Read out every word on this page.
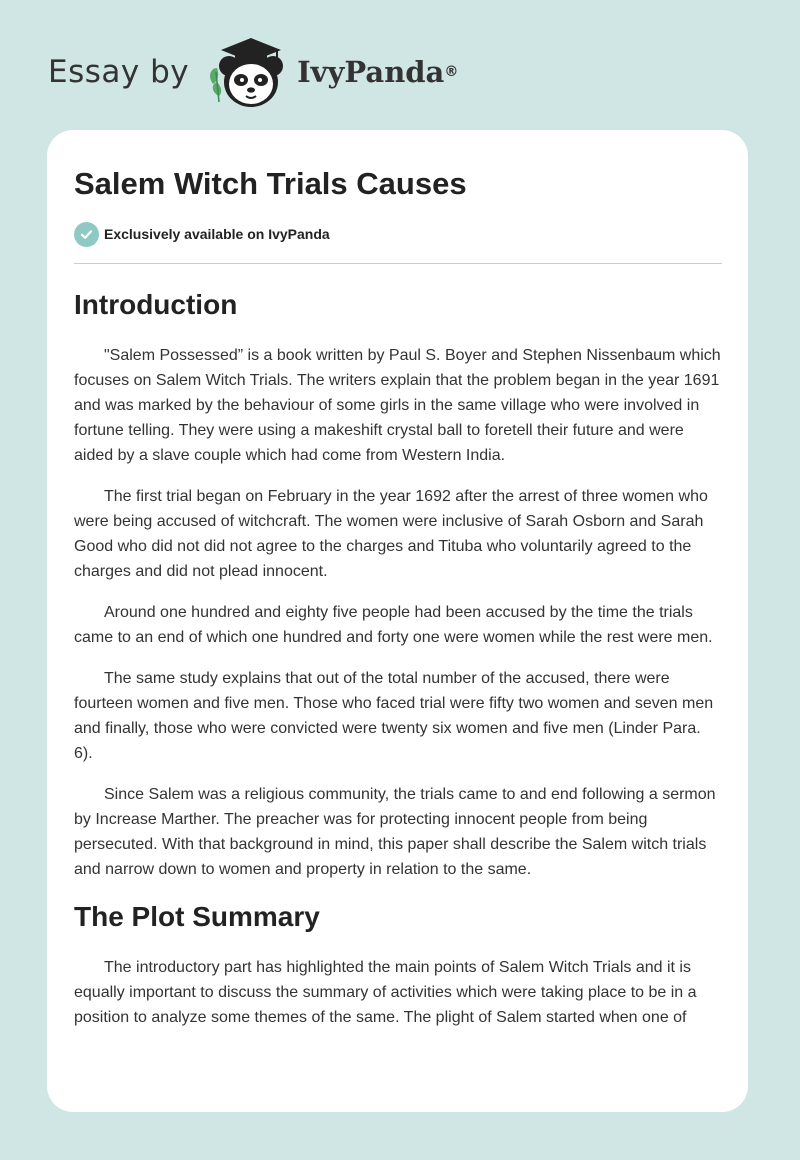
Essay by	IvyPanda ®
Salem Witch Trials Causes
Exclusively available on IvyPanda
Introduction

"Salem Possessed” is a book written by Paul S. Boyer and Stephen Nissenbaum which focuses on Salem Witch Trials. The writers explain that the problem began in the year 1691 and was marked by the behaviour of some girls in the same village who were involved in fortune telling. They were using a makeshift crystal ball to foretell their future and were aided by a slave couple which had come from Western India.

The first trial began on February in the year 1692 after the arrest of three women who were being accused of witchcraft. The women were inclusive of Sarah Osborn and Sarah Good who did not did not agree to the charges and Tituba who voluntarily agreed to the charges and did not plead innocent.

Around one hundred and eighty five people had been accused by the time the trials came to an end of which one hundred and forty one were women while the rest were men.

The same study explains that out of the total number of the accused, there were fourteen women and five men. Those who faced trial were fifty two women and seven men and finally, those who were convicted were twenty six women and five men (Linder Para. 6).

Since Salem was a religious community, the trials came to and end following a sermon by Increase Marther. The preacher was for protecting innocent people from being persecuted. With that background in mind, this paper shall describe the Salem witch trials and narrow down to women and property in relation to the same.

The Plot Summary

The introductory part has highlighted the main points of Salem Witch Trials and it is equally important to discuss the summary of activities which were taking place to be in a position to analyze some themes of the same. The plight of Salem started when one of
